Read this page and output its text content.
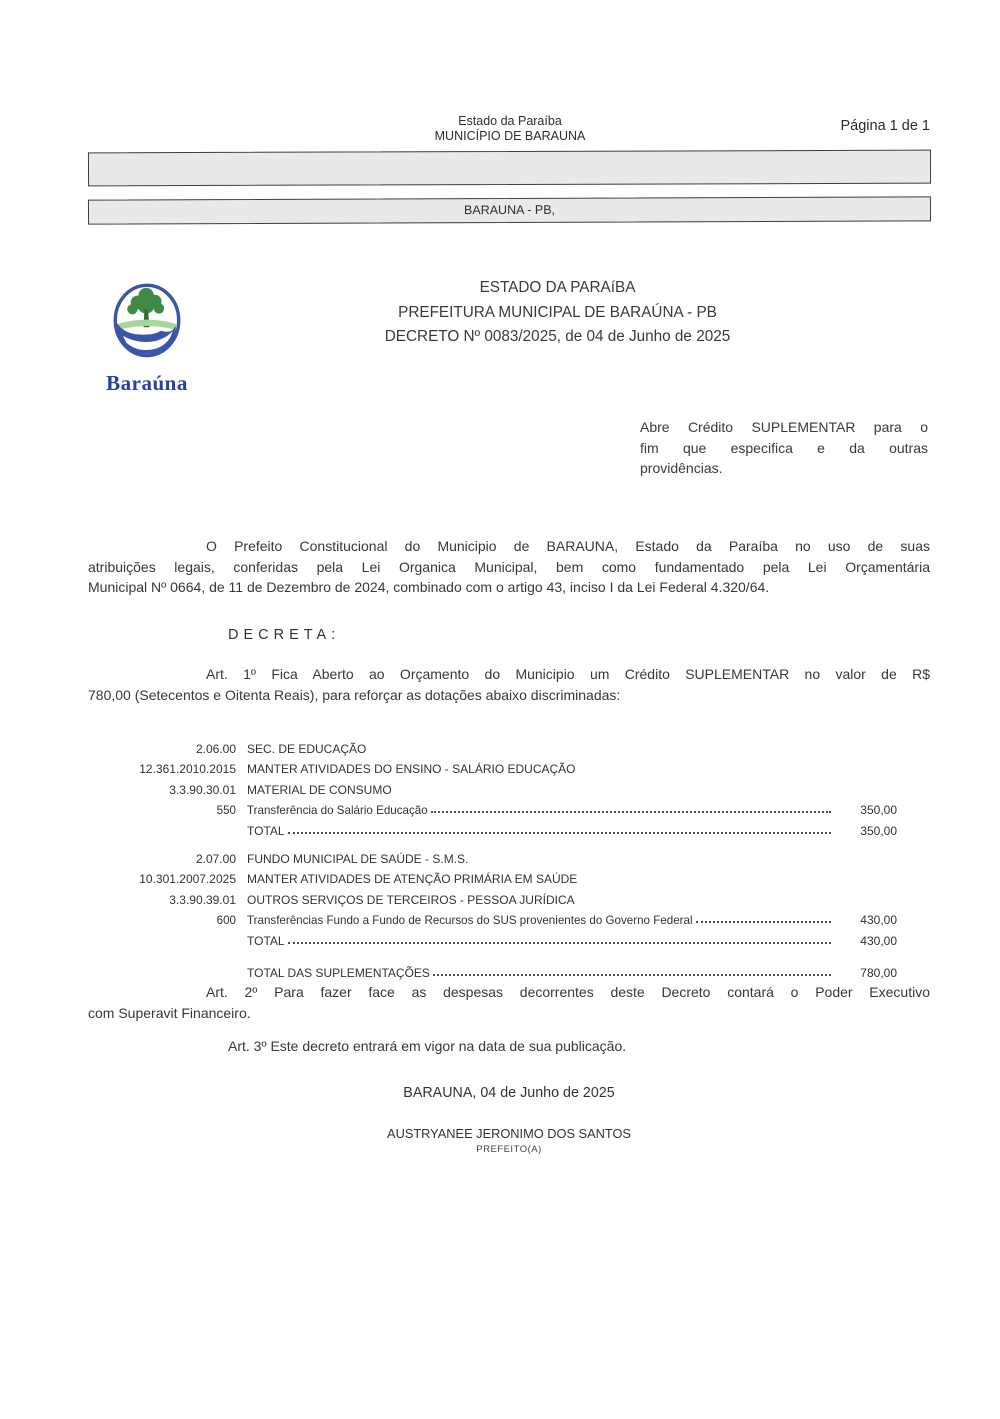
Estado da Paraíba
MUNICÍPIO DE BARAUNA
Página 1 de 1
BARAUNA - PB,
Baraúna
ESTADO DA PARAíBA
PREFEITURA MUNICIPAL DE BARAÚNA - PB
DECRETO Nº 0083/2025, de 04 de Junho de 2025
Abre Crédito SUPLEMENTAR para o
fim que especifica e da outras
providências.
O Prefeito Constitucional do Municipio de BARAUNA, Estado da Paraíba no uso de suas
atribuições legais, conferidas pela Lei Organica Municipal, bem como fundamentado pela Lei Orçamentária
Municipal Nº 0664, de 11 de Dezembro de 2024, combinado com o artigo 43, inciso I da Lei Federal 4.320/64.
DECRETA:
Art. 1º Fica Aberto ao Orçamento do Municipio um Crédito SUPLEMENTAR no valor de R$
780,00 (Setecentos e Oitenta Reais), para reforçar as dotações abaixo discriminadas:
2.06.00 SEC. DE EDUCAÇÃO
12.361.2010.2015 MANTER ATIVIDADES DO ENSINO - SALÁRIO EDUCAÇÃO
3.3.90.30.01 MATERIAL DE CONSUMO
550 Transferência do Salário Educação	350,00
TOTAL	350,00
2.07.00 FUNDO MUNICIPAL DE SAÚDE - S.M.S.
10.301.2007.2025 MANTER ATIVIDADES DE ATENÇÃO PRIMÁRIA EM SAÚDE
3.3.90.39.01 OUTROS SERVIÇOS DE TERCEIROS - PESSOA JURÍDICA
600 Transferências Fundo a Fundo de Recursos do SUS provenientes do Governo Federal	430,00
TOTAL	430,00
TOTAL DAS SUPLEMENTAÇÕES	780,00
Art. 2º Para fazer face as despesas decorrentes deste Decreto contará o Poder Executivo
com Superavit Financeiro.
Art. 3º Este decreto entrará em vigor na data de sua publicação.
BARAUNA, 04 de Junho de 2025
AUSTRYANEE JERONIMO DOS SANTOS
PREFEITO(A)
